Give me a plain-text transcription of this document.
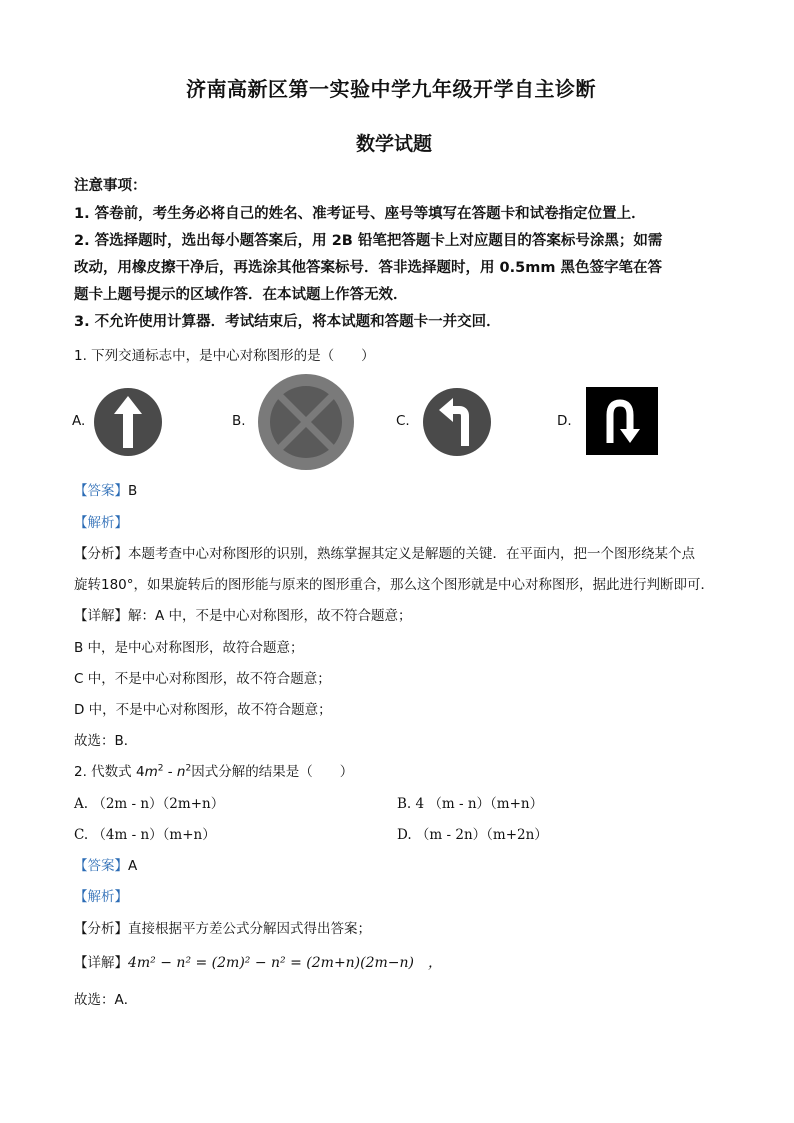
济南高新区第一实验中学九年级开学自主诊断
数学试题
注意事项：
1. 答卷前，考生务必将自己的姓名、准考证号、座号等填写在答题卡和试卷指定位置上．
2. 答选择题时，选出每小题答案后，用 2B 铅笔把答题卡上对应题目的答案标号涂黑；如需
改动，用橡皮擦干净后，再选涂其他答案标号．答非选择题时，用 0.5mm 黑色签字笔在答
题卡上题号提示的区域作答．在本试题上作答无效．
3. 不允许使用计算器．考试结束后，将本试题和答题卡一并交回．
1. 下列交通标志中，是中心对称图形的是（　　）
A.	B.	C.	D.
【答案】B
【解析】
【分析】本题考查中心对称图形的识别，熟练掌握其定义是解题的关键．在平面内，把一个图形绕某个点
旋转180°，如果旋转后的图形能与原来的图形重合，那么这个图形就是中心对称图形，据此进行判断即可．
【详解】解：A 中，不是中心对称图形，故不符合题意；
B 中，是中心对称图形，故符合题意；
C 中，不是中心对称图形，故不符合题意；
D 中，不是中心对称图形，故不符合题意；
故选：B．
2. 代数式 $4m^2 - n^2$因式分解的结果是（　　）
A. （2m - n）（2m+n）	B. 4 （m - n）（m+n）
C. （4m - n）（m+n）	D. （m - 2n）（m+2n）
【答案】A
【解析】
【分析】直接根据平方差公式分解因式得出答案；
【详解】4m² − n² = (2m)² − n² = (2m+n)(2m−n)　，
故选：A．
